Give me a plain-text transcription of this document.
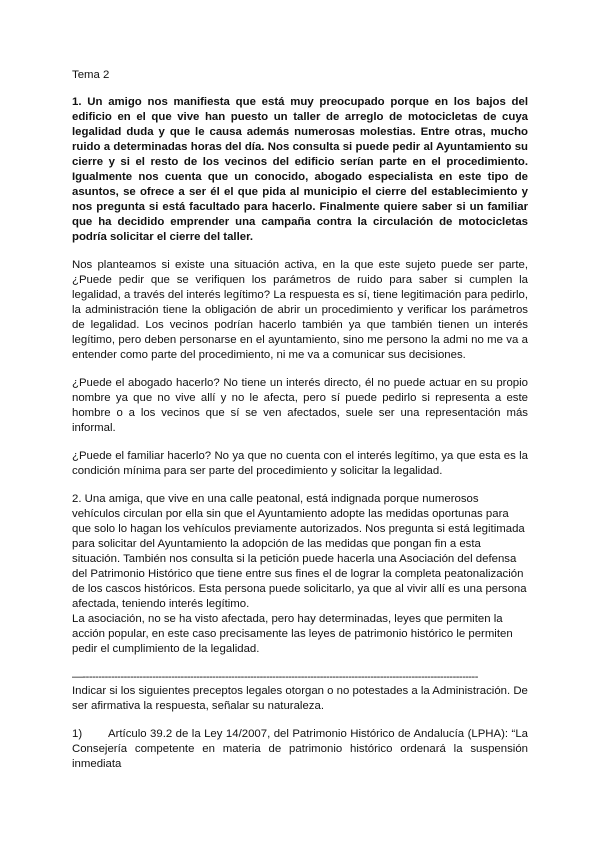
Tema 2

1. Un amigo nos manifiesta que está muy preocupado porque en los bajos del edificio en el que vive han puesto un taller de arreglo de motocicletas de cuya legalidad duda y que le causa además numerosas molestias. Entre otras, mucho ruido a determinadas horas del día. Nos consulta si puede pedir al Ayuntamiento su cierre y si el resto de los vecinos del edificio serían parte en el procedimiento. Igualmente nos cuenta que un conocido, abogado especialista en este tipo de asuntos, se ofrece a ser él el que pida al municipio el cierre del establecimiento y nos pregunta si está facultado para hacerlo. Finalmente quiere saber si un familiar que ha decidido emprender una campaña contra la circulación de motocicletas podría solicitar el cierre del taller.

Nos planteamos si existe una situación activa, en la que este sujeto puede ser parte, ¿Puede pedir que se verifiquen los parámetros de ruido para saber si cumplen la legalidad, a través del interés legítimo? La respuesta es sí, tiene legitimación para pedirlo, la administración tiene la obligación de abrir un procedimiento y verificar los parámetros de legalidad. Los vecinos podrían hacerlo también ya que también tienen un interés legítimo, pero deben personarse en el ayuntamiento, sino me persono la admi no me va a entender como parte del procedimiento, ni me va a comunicar sus decisiones.

¿Puede el abogado hacerlo? No tiene un interés directo, él no puede actuar en su propio nombre ya que no vive allí y no le afecta, pero sí puede pedirlo si representa a este hombre o a los vecinos que sí se ven afectados, suele ser una representación más informal.

¿Puede el familiar hacerlo? No ya que no cuenta con el interés legítimo, ya que esta es la condición mínima para ser parte del procedimiento y solicitar la legalidad.

2. Una amiga, que vive en una calle peatonal, está indignada porque numerosos vehículos circulan por ella sin que el Ayuntamiento adopte las medidas oportunas para que solo lo hagan los vehículos previamente autorizados. Nos pregunta si está legitimada para solicitar del Ayuntamiento la adopción de las medidas que pongan fin a esta situación. También nos consulta si la petición puede hacerla una Asociación del defensa del Patrimonio Histórico que tiene entre sus fines el de lograr la completa peatonalización de los cascos históricos. Esta persona puede solicitarlo, ya que al vivir allí es una persona afectada, teniendo interés legítimo.

La asociación, no se ha visto afectada, pero hay determinadas, leyes que permiten la acción popular, en este caso precisamente las leyes de patrimonio histórico le permiten pedir el cumplimiento de la legalidad.

—-----------------------------------------------------------------------------------------------------------------------------

Indicar si los siguientes preceptos legales otorgan o no potestades a la Administración. De ser afirmativa la respuesta, señalar su naturaleza.

1) Artículo 39.2 de la Ley 14/2007, del Patrimonio Histórico de Andalucía (LPHA): “La Consejería competente en materia de patrimonio histórico ordenará la suspensión inmediata
